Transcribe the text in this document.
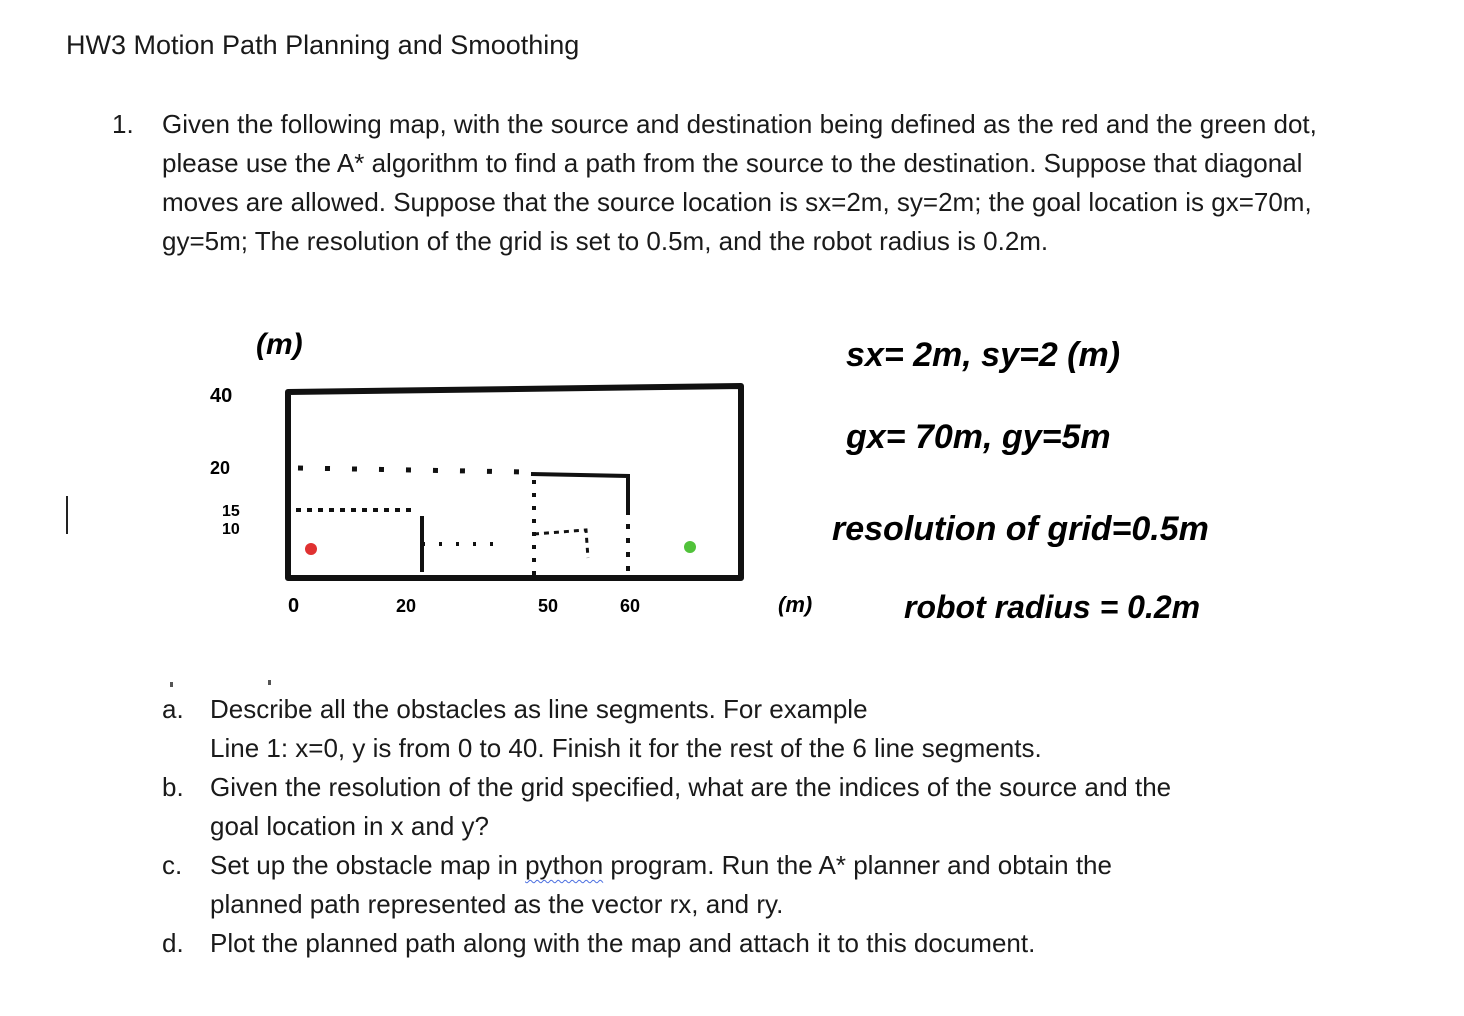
HW3 Motion Path Planning and Smoothing
1. Given the following map, with the source and destination being defined as the red and the green dot, please use the A* algorithm to find a path from the source to the destination. Suppose that diagonal moves are allowed. Suppose that the source location is sx=2m, sy=2m; the goal location is gx=70m, gy=5m; The resolution of the grid is set to 0.5m, and the robot radius is 0.2m.
(m)
40
20
15
10
0	20	50	60	(m)
sx= 2m, sy=2 (m)
gx= 70m, gy=5m
resolution of grid=0.5m
robot radius = 0.2m
a. Describe all the obstacles as line segments. For example
Line 1: x=0, y is from 0 to 40. Finish it for the rest of the 6 line segments.
b. Given the resolution of the grid specified, what are the indices of the source and the
goal location in x and y?
c. Set up the obstacle map in python program. Run the A* planner and obtain the
planned path represented as the vector rx, and ry.
d. Plot the planned path along with the map and attach it to this document.
